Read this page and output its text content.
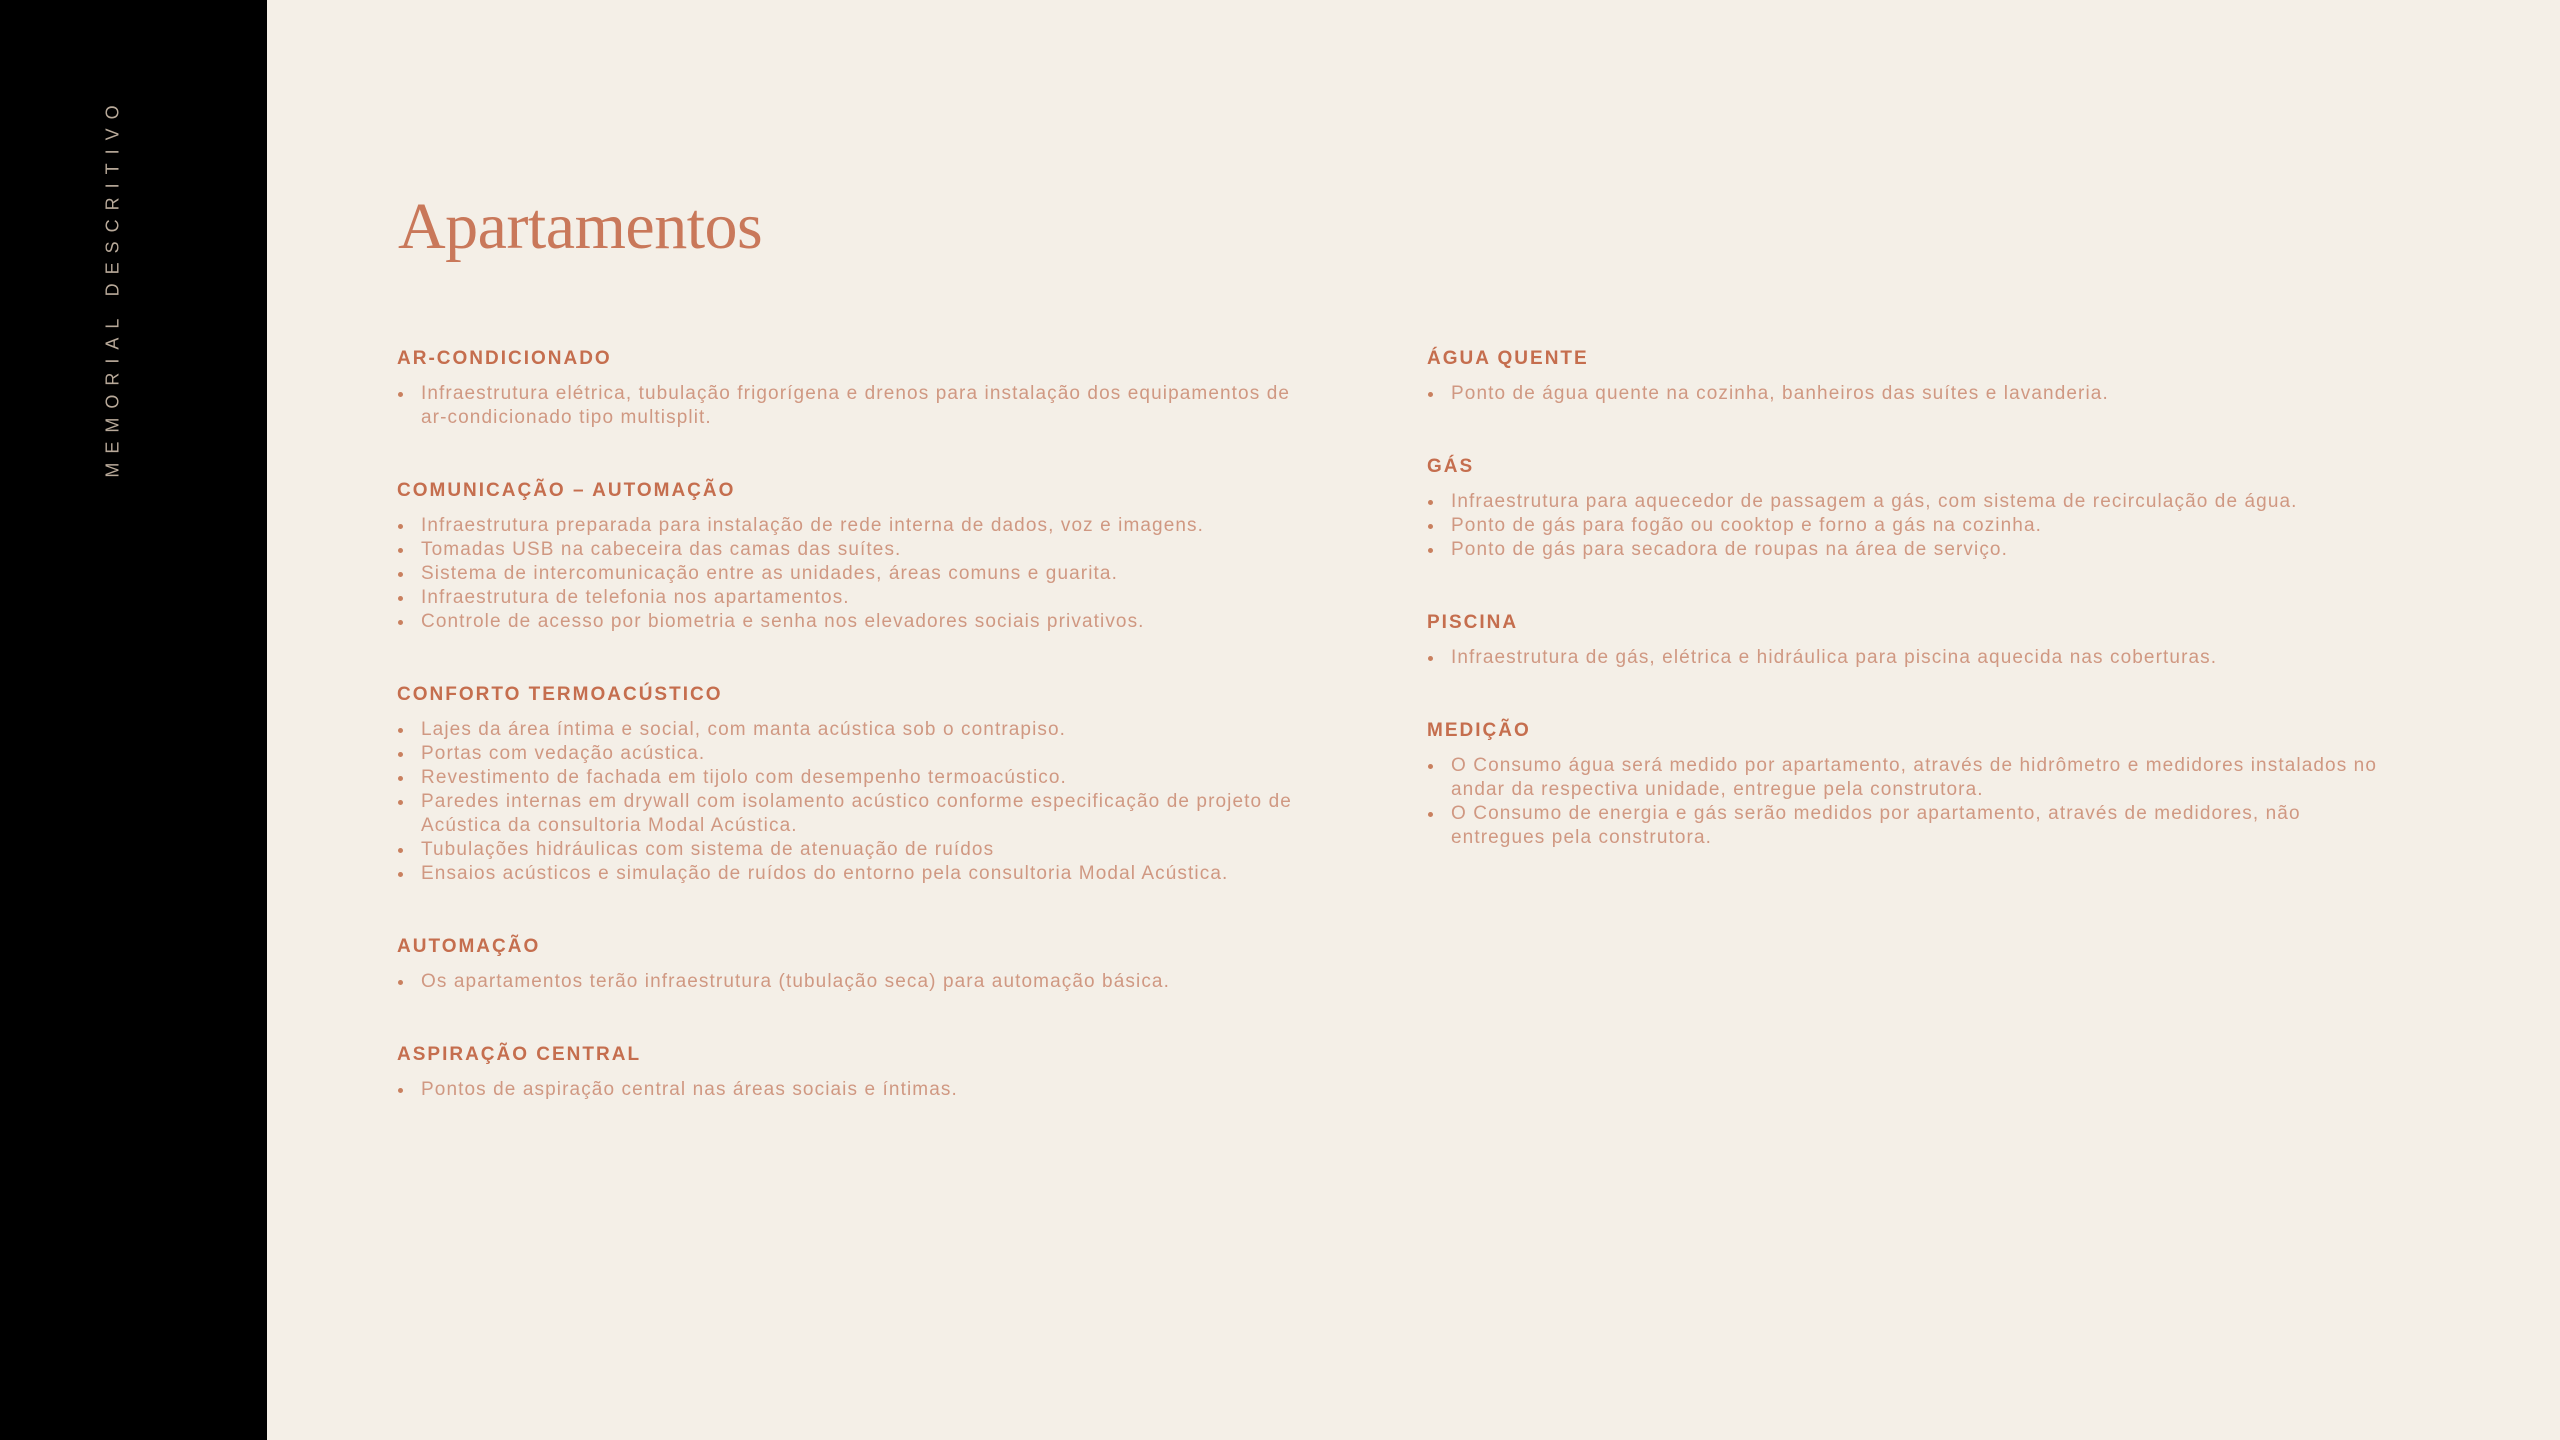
MEMORIAL DESCRITIVO	Apartamentos
AR-CONDICIONADO
Infraestrutura elétrica, tubulação frigorígena e drenos para instalação dos equipamentos de ar-condicionado tipo multisplit.
COMUNICAÇÃO – AUTOMAÇÃO
Infraestrutura preparada para instalação de rede interna de dados, voz e imagens.
Tomadas USB na cabeceira das camas das suítes.
Sistema de intercomunicação entre as unidades, áreas comuns e guarita.
Infraestrutura de telefonia nos apartamentos.
Controle de acesso por biometria e senha nos elevadores sociais privativos.
CONFORTO TERMOACÚSTICO
Lajes da área íntima e social, com manta acústica sob o contrapiso.
Portas com vedação acústica.
Revestimento de fachada em tijolo com desempenho termoacústico.
Paredes internas em drywall com isolamento acústico conforme especificação de projeto de Acústica da consultoria Modal Acústica.
Tubulações hidráulicas com sistema de atenuação de ruídos
Ensaios acústicos e simulação de ruídos do entorno pela consultoria Modal Acústica.
AUTOMAÇÃO
Os apartamentos terão infraestrutura (tubulação seca) para automação básica.
ASPIRAÇÃO CENTRAL
Pontos de aspiração central nas áreas sociais e íntimas.
ÁGUA QUENTE
Ponto de água quente na cozinha, banheiros das suítes e lavanderia.
GÁS
Infraestrutura para aquecedor de passagem a gás, com sistema de recirculação de água.
Ponto de gás para fogão ou cooktop e forno a gás na cozinha.
Ponto de gás para secadora de roupas na área de serviço.
PISCINA
Infraestrutura de gás, elétrica e hidráulica para piscina aquecida nas coberturas.
MEDIÇÃO
O Consumo água será medido por apartamento, através de hidrômetro e medidores instalados no andar da respectiva unidade, entregue pela construtora.
O Consumo de energia e gás serão medidos por apartamento, através de medidores, não entregues pela construtora.
